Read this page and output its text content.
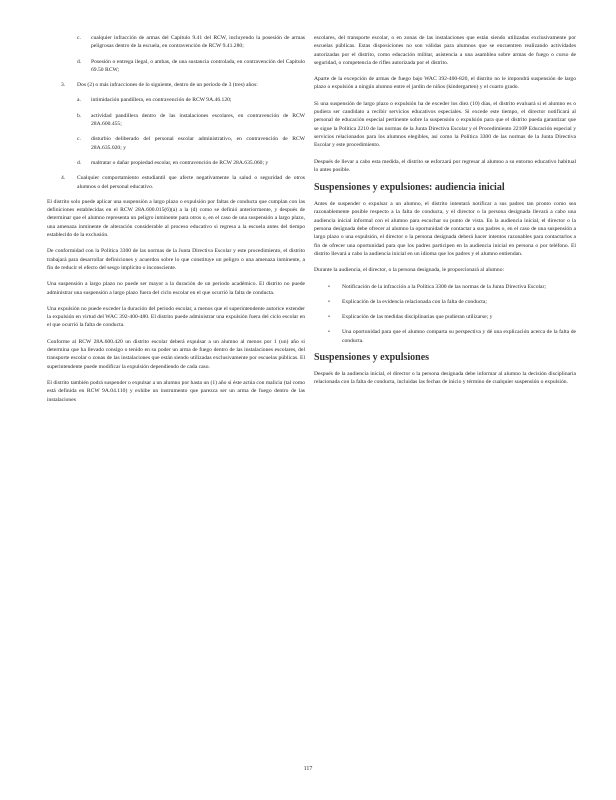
c. cualquier infracción de armas del Capítulo 9.41 del RCW, incluyendo la posesión de armas peligrosas dentro de la escuela, en contravención de RCW 9.41.280;
d. Posesión o entrega ilegal, o ambas, de una sustancia controlada, en contravención del Capítulo 69.50 RCW;
3. Dos (2) o más infracciones de lo siguiente, dentro de un periodo de 3 (tres) años:
a. intimidación pandillera, en contravención de RCW 9A.46.120;
b. actividad pandillera dentro de las instalaciones escolares, en contravención de RCW 28A.600.455;
c. disturbio deliberado del personal escolar administrativo, en contravención de RCW 28A.635.020; y
d. maltratar o dañar propiedad escolar, en contravención de RCW 28A.635.060; y
4. Cualquier comportamiento estudiantil que afecte negativamente la salud o seguridad de otros alumnos o del personal educativo.

El distrito solo puede aplicar una suspensión a largo plazo o expulsión por faltas de conducta que cumplan con las definiciones establecidas en el RCW 28A.600.015(6)(a) a la (d) como se definió anteriormente, y después de determinar que el alumno representa un peligro inminente para otros o, en el caso de una suspensión a largo plazo, una amenaza inminente de alteración considerable al proceso educativo si regresa a la escuela antes del tiempo establecido de la exclusión.

De conformidad con la Política 3300 de las normas de la Junta Directiva Escolar y este procedimiento, el distrito trabajará para desarrollar definiciones y acuerdos sobre lo que constituye un peligro o una amenaza inminente, a fin de reducir el efecto del sesgo implícito o inconsciente.

Una suspensión a largo plazo no puede ser mayor a la duración de un periodo académico. El distrito no puede administrar una suspensión a largo plazo fuera del ciclo escolar en el que ocurrió la falta de conducta.

Una expulsión no puede exceder la duración del periodo escolar, a menos que el superintendente autorice extender la expulsión en virtud del WAC 392-400-480. El distrito puede administrar una expulsión fuera del ciclo escolar en el que ocurrió la falta de conducta.

Conforme al RCW 28A.600.420 un distrito escolar deberá expulsar a un alumno al menos por 1 (un) año si determina que ha llevado consigo o tenido en su poder un arma de fuego dentro de las instalaciones escolares, del transporte escolar o zonas de las instalaciones que están siendo utilizadas exclusivamente por escuelas públicas. El superintendente puede modificar la expulsión dependiendo de cada caso.

El distrito también podrá suspender o expulsar a un alumno por hasta un (1) año si éste actúa con malicia (tal como está definida en RCW 9A.04.110) y exhibe un instrumento que parezca ser un arma de fuego dentro de las instalaciones

escolares, del transporte escolar, o en zonas de las instalaciones que están siendo utilizadas exclusivamente por escuelas públicas. Estas disposiciones no son válidas para alumnos que se encuentren realizando actividades autorizadas por el distrito, como educación militar, asistencia a una asamblea sobre armas de fuego o curso de seguridad, o competencia de rifles autorizada por el distrito.

Aparte de la excepción de armas de fuego bajo WAC 392-400-820, el distrito no le impondrá suspensión de largo plazo o expulsión a ningún alumno entre el jardín de niños (kindergarten) y el cuarto grado.

Si una suspensión de largo plazo o expulsión ha de exceder los diez (10) días, el distrito evaluará si el alumno es o pudiera ser candidato a recibir servicios educativos especiales. Si excede este tiempo, el director notificará al personal de educación especial pertinente sobre la suspensión o expulsión para que el distrito pueda garantizar que se sigue la Política 2210 de las normas de la Junta Directiva Escolar y el Procedimiento 2210P Educación especial y servicios relacionados para los alumnos elegibles, así como la Política 3300 de las normas de la Junta Directiva Escolar y este procedimiento.

Después de llevar a cabo esta medida, el distrito se esforzará por regresar al alumno a su entorno educativo habitual lo antes posible.

Suspensiones y expulsiones: audiencia inicial

Antes de suspender o expulsar a un alumno, el distrito intentará notificar a sus padres tan pronto como sea razonablemente posible respecto a la falta de conducta, y el director o la persona designada llevará a cabo una audiencia inicial informal con el alumno para escuchar su punto de vista. En la audiencia inicial, el director o la persona designada debe ofrecer al alumno la oportunidad de contactar a sus padres o, en el caso de una suspensión a largo plazo o una expulsión, el director o la persona designada deberá hacer intentos razonables para contactarlos a fin de ofrecer una oportunidad para que los padres participen en la audiencia inicial en persona o por teléfono. El distrito llevará a cabo la audiencia inicial en un idioma que los padres y el alumno entiendan.

Durante la audiencia, el director, o la persona designada, le proporcionará al alumno:

• Notificación de la infracción a la Política 3300 de las normas de la Junta Directiva Escolar;
• Explicación de la evidencia relacionada con la falta de conducta;
• Explicación de las medidas disciplinarias que pudieran utilizarse; y
• Una oportunidad para que el alumno comparta su perspectiva y dé una explicación acerca de la falta de conducta.
Suspensiones y expulsiones

Después de la audiencia inicial, el director o la persona designada debe informar al alumno la decisión disciplinaria relacionada con la falta de conducta, incluidas las fechas de inicio y término de cualquier suspensión o expulsión.

117
